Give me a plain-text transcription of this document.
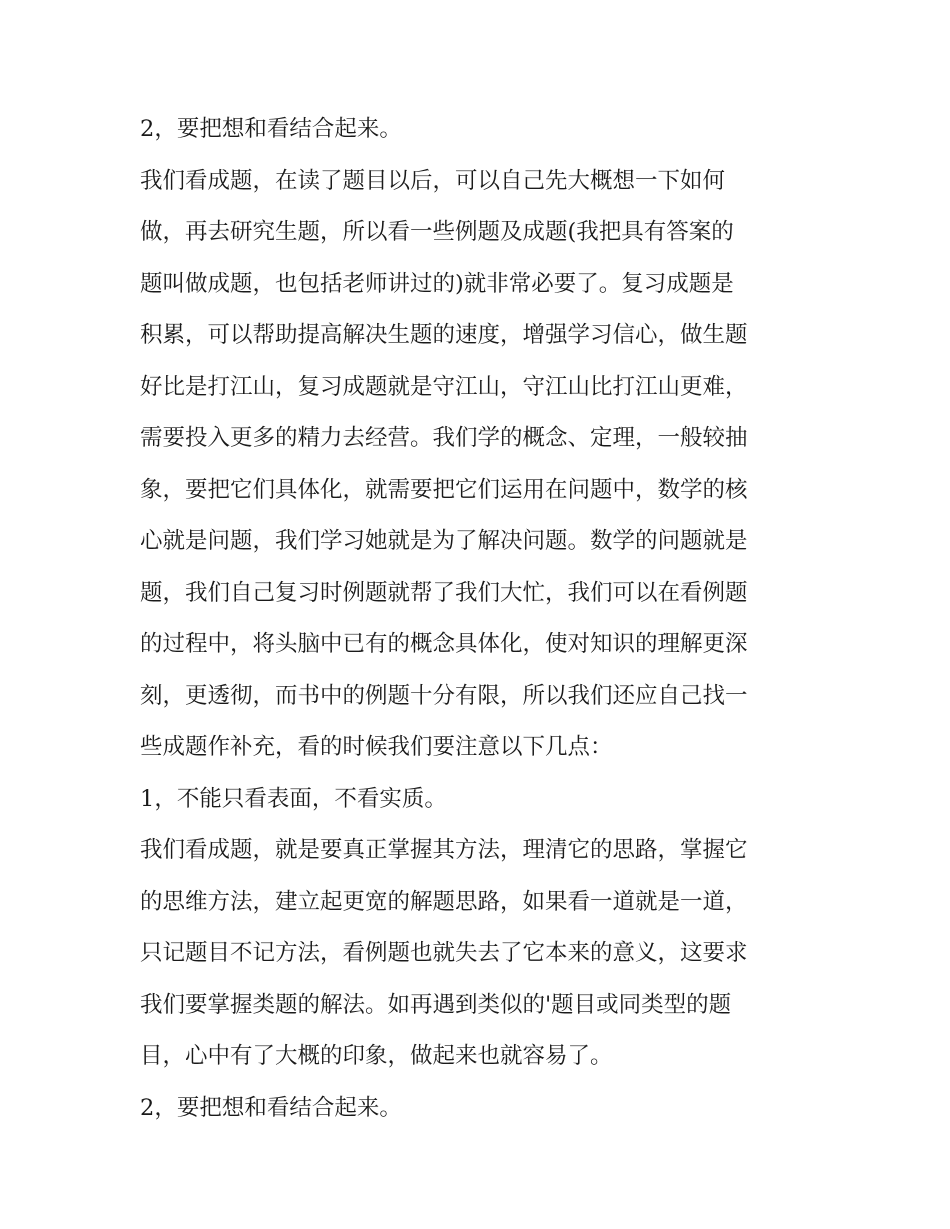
2，要把想和看结合起来。
我们看成题，在读了题目以后，可以自己先大概想一下如何
做，再去研究生题，所以看一些例题及成题(我把具有答案的
题叫做成题，也包括老师讲过的)就非常必要了。复习成题是
积累，可以帮助提高解决生题的速度，增强学习信心，做生题
好比是打江山，复习成题就是守江山，守江山比打江山更难，
需要投入更多的精力去经营。我们学的概念、定理，一般较抽
象，要把它们具体化，就需要把它们运用在问题中，数学的核
心就是问题，我们学习她就是为了解决问题。数学的问题就是
题，我们自己复习时例题就帮了我们大忙，我们可以在看例题
的过程中，将头脑中已有的概念具体化，使对知识的理解更深
刻，更透彻，而书中的例题十分有限，所以我们还应自己找一
些成题作补充，看的时候我们要注意以下几点：
1，不能只看表面，不看实质。
我们看成题，就是要真正掌握其方法，理清它的思路，掌握它
的思维方法，建立起更宽的解题思路，如果看一道就是一道，
只记题目不记方法，看例题也就失去了它本来的意义，这要求
我们要掌握类题的解法。如再遇到类似的'题目或同类型的题
目，心中有了大概的印象，做起来也就容易了。
2，要把想和看结合起来。
